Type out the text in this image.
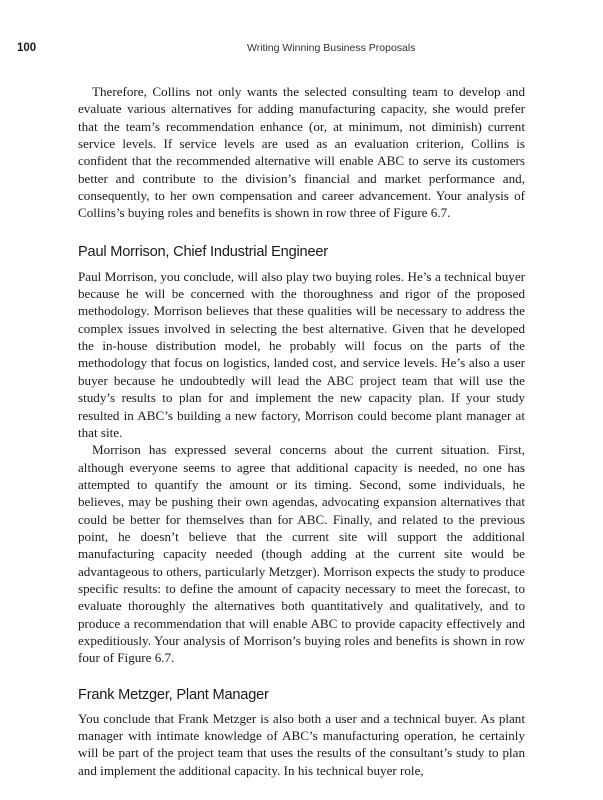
100	Writing Winning Business Proposals

Therefore, Collins not only wants the selected consulting team to develop and evaluate various alternatives for adding manufacturing capacity, she would prefer that the team’s recommendation enhance (or, at minimum, not diminish) current service levels. If service levels are used as an evaluation criterion, Collins is confident that the recommended alternative will enable ABC to serve its customers better and contribute to the division’s financial and market performance and, consequently, to her own compensation and career advancement. Your analysis of Collins’s buying roles and benefits is shown in row three of Figure 6.7.

Paul Morrison, Chief Industrial Engineer

Paul Morrison, you conclude, will also play two buying roles. He’s a technical buyer because he will be concerned with the thoroughness and rigor of the proposed methodology. Morrison believes that these qualities will be necessary to address the complex issues involved in selecting the best alternative. Given that he developed the in-house distribution model, he probably will focus on the parts of the methodology that focus on logistics, landed cost, and service levels. He’s also a user buyer because he undoubtedly will lead the ABC project team that will use the study’s results to plan for and implement the new capacity plan. If your study resulted in ABC’s building a new factory, Morrison could become plant manager at that site.

Morrison has expressed several concerns about the current situation. First, although everyone seems to agree that additional capacity is needed, no one has attempted to quantify the amount or its timing. Second, some individuals, he believes, may be pushing their own agendas, advocating expansion alternatives that could be better for themselves than for ABC. Finally, and related to the previous point, he doesn’t believe that the current site will support the additional manufacturing capacity needed (though adding at the current site would be advantageous to others, particularly Metzger). Morrison expects the study to produce specific results: to define the amount of capacity necessary to meet the forecast, to evaluate thoroughly the alternatives both quantitatively and qualitatively, and to produce a recommendation that will enable ABC to provide capacity effectively and expeditiously. Your analysis of Morrison’s buying roles and benefits is shown in row four of Figure 6.7.

Frank Metzger, Plant Manager

You conclude that Frank Metzger is also both a user and a technical buyer. As plant manager with intimate knowledge of ABC’s manufacturing operation, he certainly will be part of the project team that uses the results of the consultant’s study to plan and implement the additional capacity. In his technical buyer role,
